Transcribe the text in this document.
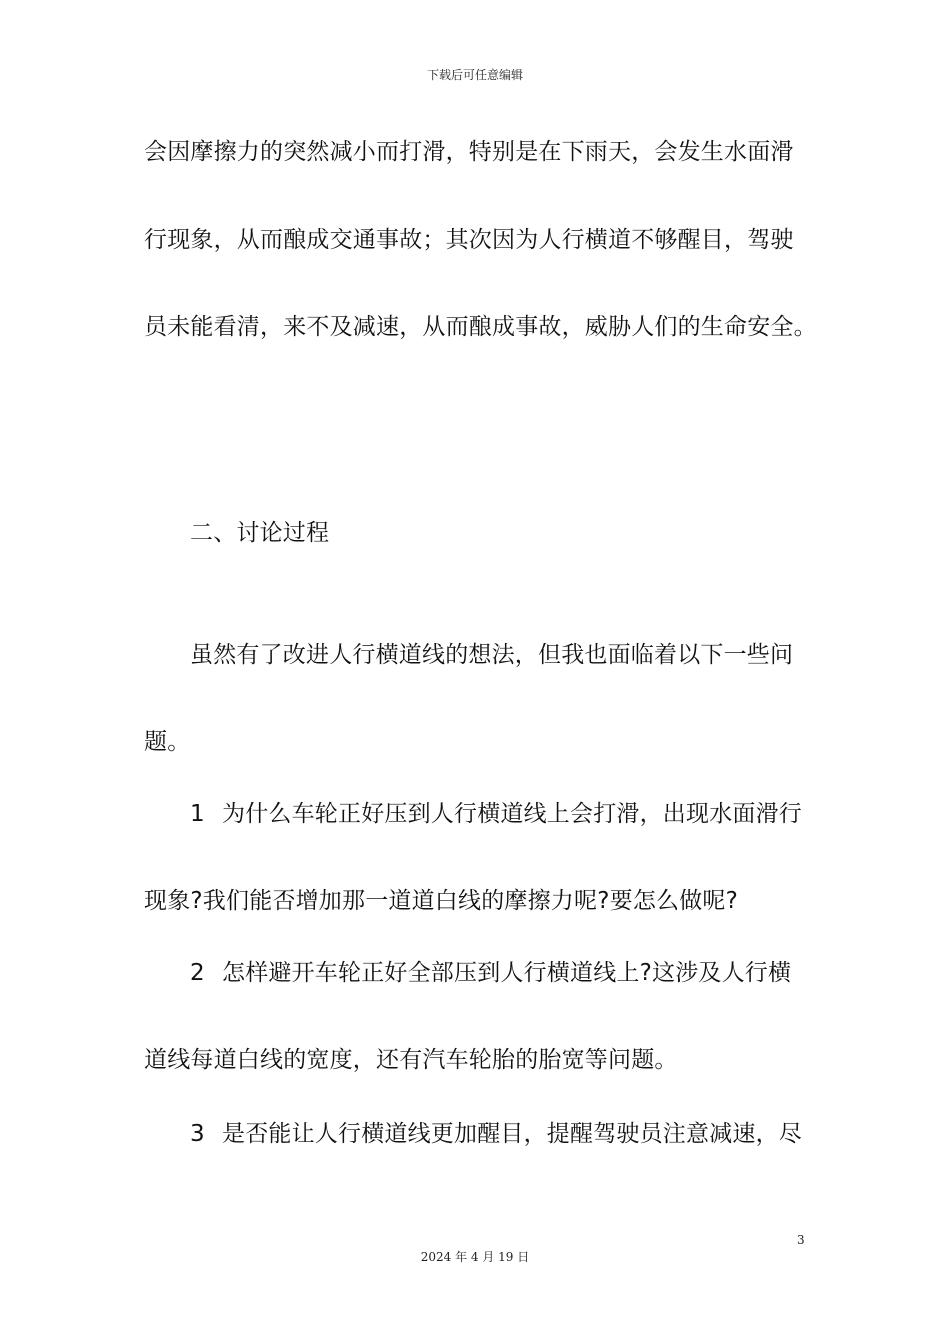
下载后可任意编辑
会因摩擦力的突然减小而打滑，特别是在下雨天，会发生水面滑
行现象，从而酿成交通事故；其次因为人行横道不够醒目，驾驶
员未能看清，来不及减速，从而酿成事故，威胁人们的生命安全。
二、讨论过程
虽然有了改进人行横道线的想法，但我也面临着以下一些问
题。
1 为什么车轮正好压到人行横道线上会打滑，出现水面滑行
现象?我们能否增加那一道道白线的摩擦力呢?要怎么做呢?
2 怎样避开车轮正好全部压到人行横道线上?这涉及人行横
道线每道白线的宽度，还有汽车轮胎的胎宽等问题。
3 是否能让人行横道线更加醒目，提醒驾驶员注意减速，尽
3
2024 年 4 月 19 日
